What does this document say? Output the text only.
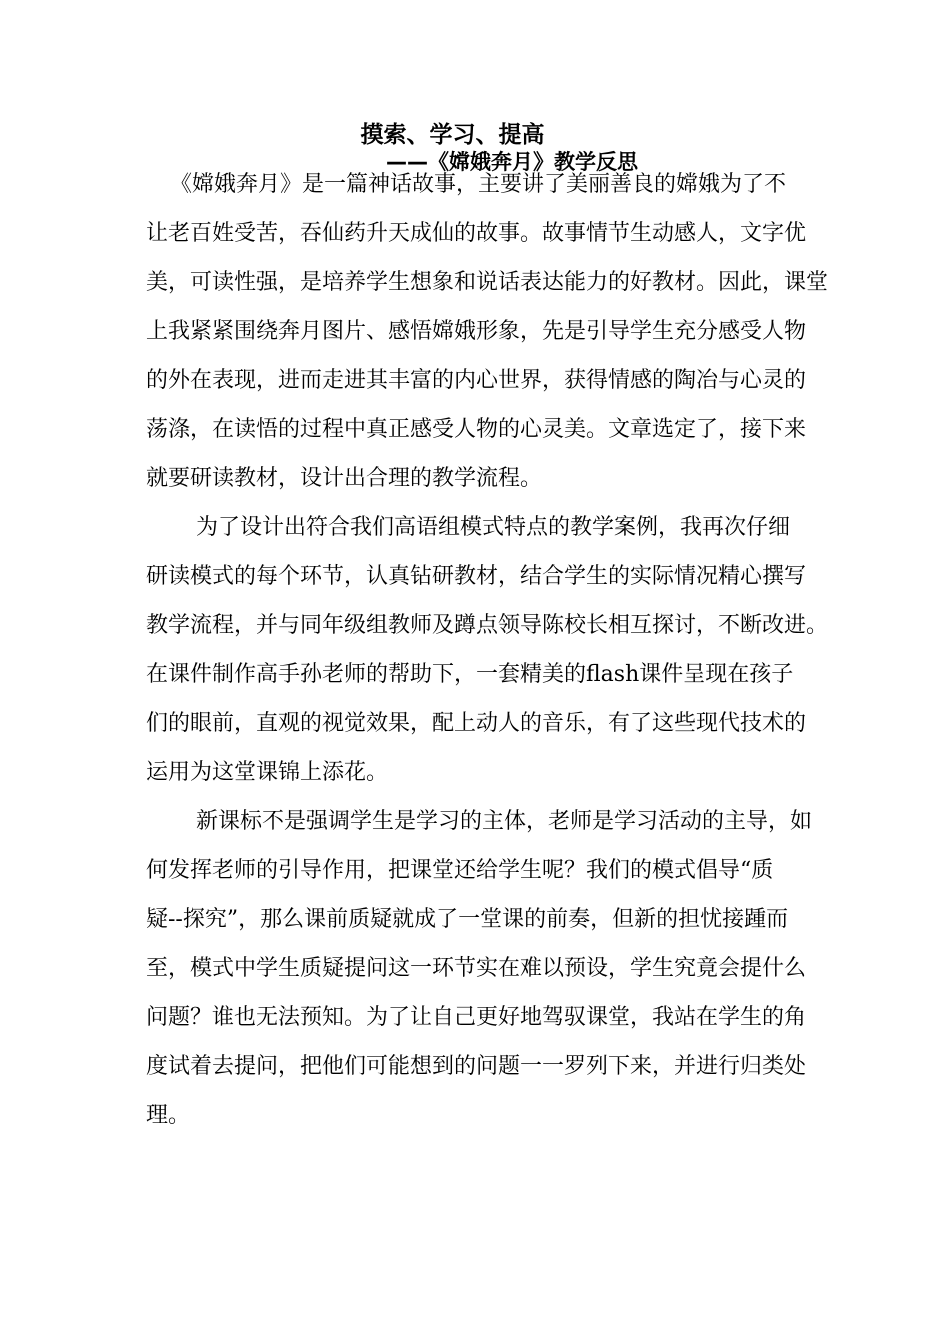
摸索、学习、提高
——《嫦娥奔月》教学反思
《嫦娥奔月》是一篇神话故事，主要讲了美丽善良的嫦娥为了不
让老百姓受苦，吞仙药升天成仙的故事。故事情节生动感人，文字优
美，可读性强，是培养学生想象和说话表达能力的好教材。因此，课堂
上我紧紧围绕奔月图片、感悟嫦娥形象，先是引导学生充分感受人物
的外在表现，进而走进其丰富的内心世界，获得情感的陶冶与心灵的
荡涤，在读悟的过程中真正感受人物的心灵美。文章选定了，接下来
就要研读教材，设计出合理的教学流程。
为了设计出符合我们高语组模式特点的教学案例，我再次仔细
研读模式的每个环节，认真钻研教材，结合学生的实际情况精心撰写
教学流程，并与同年级组教师及蹲点领导陈校长相互探讨，不断改进。
在课件制作高手孙老师的帮助下，一套精美的flash课件呈现在孩子
们的眼前，直观的视觉效果，配上动人的音乐，有了这些现代技术的
运用为这堂课锦上添花。
新课标不是强调学生是学习的主体，老师是学习活动的主导，如
何发挥老师的引导作用，把课堂还给学生呢？我们的模式倡导“质
疑--探究”，那么课前质疑就成了一堂课的前奏，但新的担忧接踵而
至，模式中学生质疑提问这一环节实在难以预设，学生究竟会提什么
问题？谁也无法预知。为了让自己更好地驾驭课堂，我站在学生的角
度试着去提问，把他们可能想到的问题一一罗列下来，并进行归类处
理。
